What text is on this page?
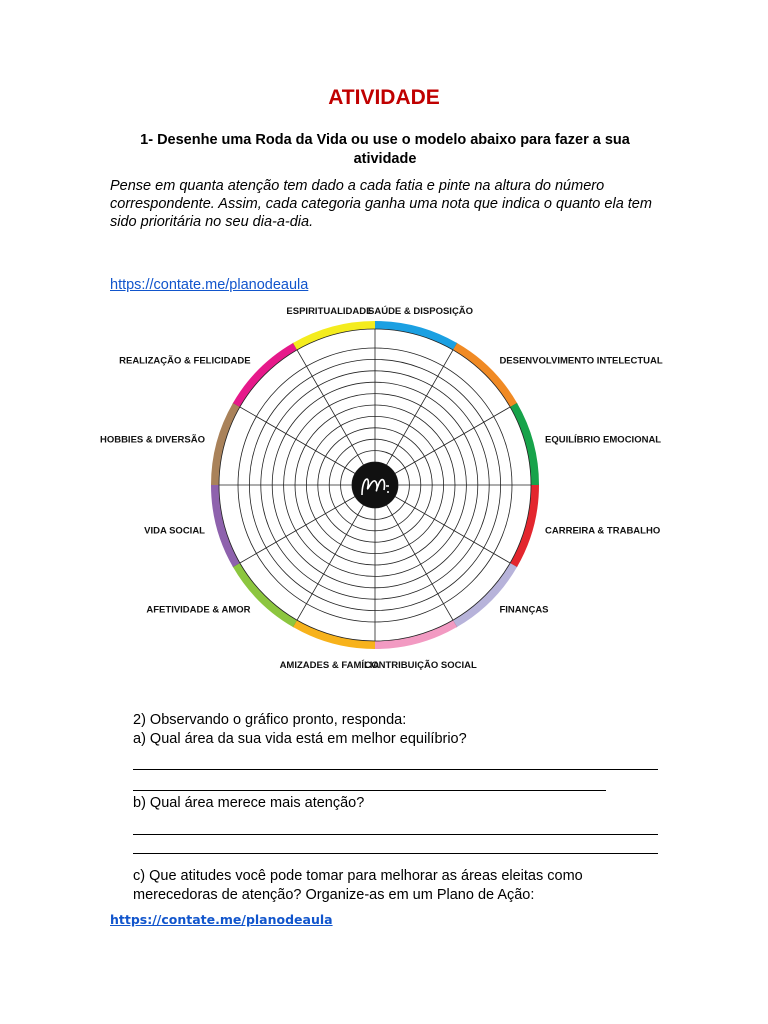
ATIVIDADE
1- Desenhe uma Roda da Vida ou use o modelo abaixo para fazer a sua atividade
Pense em quanta atenção tem dado a cada fatia e pinte na altura do número correspondente. Assim, cada categoria ganha uma nota que indica o quanto ela tem sido prioritária no seu dia-a-dia.
https://contate.me/planodeaula
SAÚDE & DISPOSIÇÃO
DESENVOLVIMENTO INTELECTUAL
EQUILÍBRIO EMOCIONAL
CARREIRA & TRABALHO
FINANÇAS
CONTRIBUIÇÃO SOCIAL
AMIZADES & FAMÍLIA
AFETIVIDADE & AMOR
VIDA SOCIAL
HOBBIES & DIVERSÃO
REALIZAÇÃO & FELICIDADE
ESPIRITUALIDADE
2) Observando o gráfico pronto, responda:
a) Qual área da sua vida está em melhor equilíbrio?
b) Qual área merece mais atenção?
c) Que atitudes você pode tomar para melhorar as áreas eleitas como merecedoras de atenção? Organize-as em um Plano de Ação:
https://contate.me/planodeaula
